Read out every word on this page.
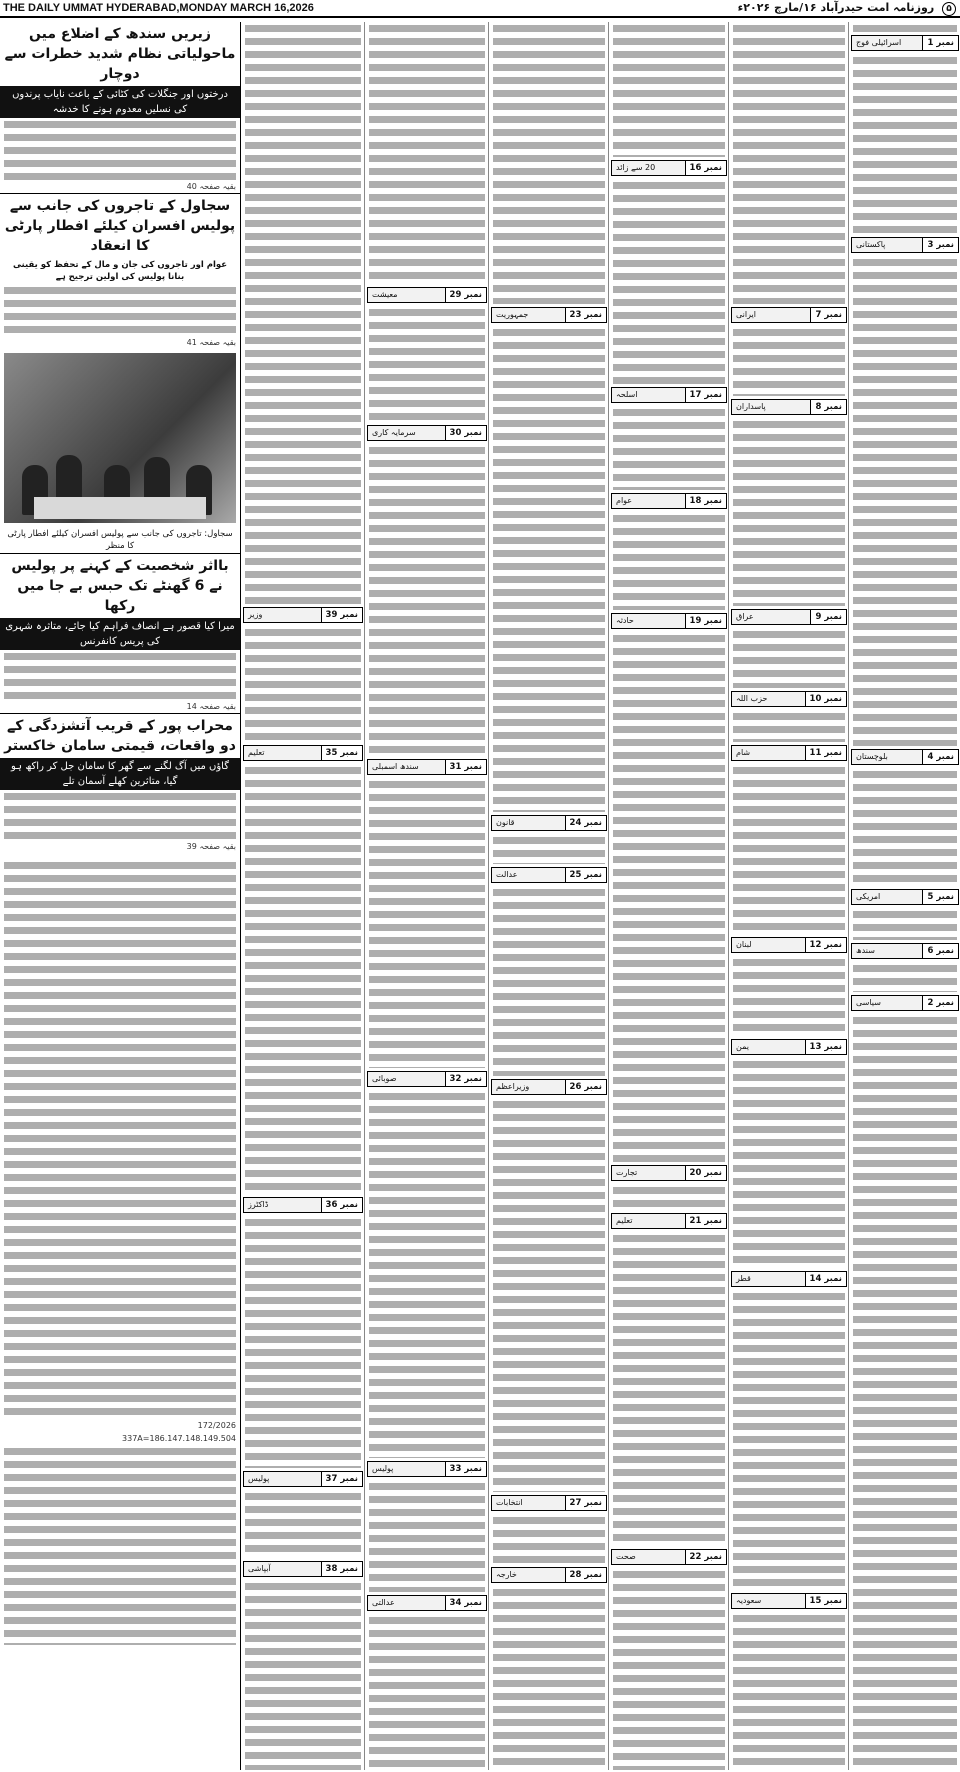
THE DAILY UMMAT HYDERABAD,MONDAY MARCH 16,2026	۵ روزنامہ امت حیدرآباد ۱۶/مارچ ۲۰۲۶ء
نمبر 1
اسرائیلی فوج
نمبر 3
پاکستانی
نمبر 4
بلوچستان
نمبر 5
امریکی
نمبر 6
سندھ
نمبر 2
سیاسی
نمبر 7
ایرانی
نمبر 8
پاسداران
نمبر 9
عراق
نمبر 10
حزب اللہ
نمبر 11
شام
نمبر 12
لبنان
نمبر 13
یمن
نمبر 14
قطر
نمبر 15
سعودیہ
نمبر 16
20 سے زائد
نمبر 17
اسلحہ
نمبر 18
عوام
نمبر 19
حادثہ
نمبر 20
تجارت
نمبر 21
تعلیم
نمبر 22
صحت
نمبر 23
جمہوریت
نمبر 24
قانون
نمبر 25
عدالت
نمبر 26
وزیراعظم
نمبر 27
انتخابات
نمبر 28
خارجہ
نمبر 29
معیشت
نمبر 30
سرمایہ کاری
نمبر 31
سندھ اسمبلی
نمبر 32
صوبائی
نمبر 33
پولیس
نمبر 34
عدالتی
نمبر 39
وزیر
نمبر 35
تعلیم
نمبر 36
ڈاکٹرز
نمبر 37
پولیس
نمبر 38
آبپاشی
زیریں سندھ کے اضلاع میں ماحولیاتی نظام شدید خطرات سے دوچار
درختوں اور جنگلات کی کٹائی کے باعث نایاب پرندوں کی نسلیں معدوم ہونے کا خدشہ
بقیہ صفحہ 40
سجاول کے تاجروں کی جانب سے پولیس افسران کیلئے افطار پارٹی کا انعقاد
عوام اور تاجروں کی جان و مال کے تحفظ کو یقینی بنانا پولیس کی اولین ترجیح ہے
بقیہ صفحہ 41
سجاول: تاجروں کی جانب سے پولیس افسران کیلئے افطار پارٹی کا منظر
بااثر شخصیت کے کہنے پر پولیس نے 6 گھنٹے تک حبس بے جا میں رکھا
میرا کیا قصور ہے انصاف فراہم کیا جائے، متاثرہ شہری کی پریس کانفرنس
بقیہ صفحہ 14
محراب پور کے قریب آتشزدگی کے دو واقعات، قیمتی سامان خاکستر
گاؤں میں آگ لگنے سے گھر کا سامان جل کر راکھ ہو گیا، متاثرین کھلے آسمان تلے
بقیہ صفحہ 39
172/2026
337A=186.147.148.149.504
